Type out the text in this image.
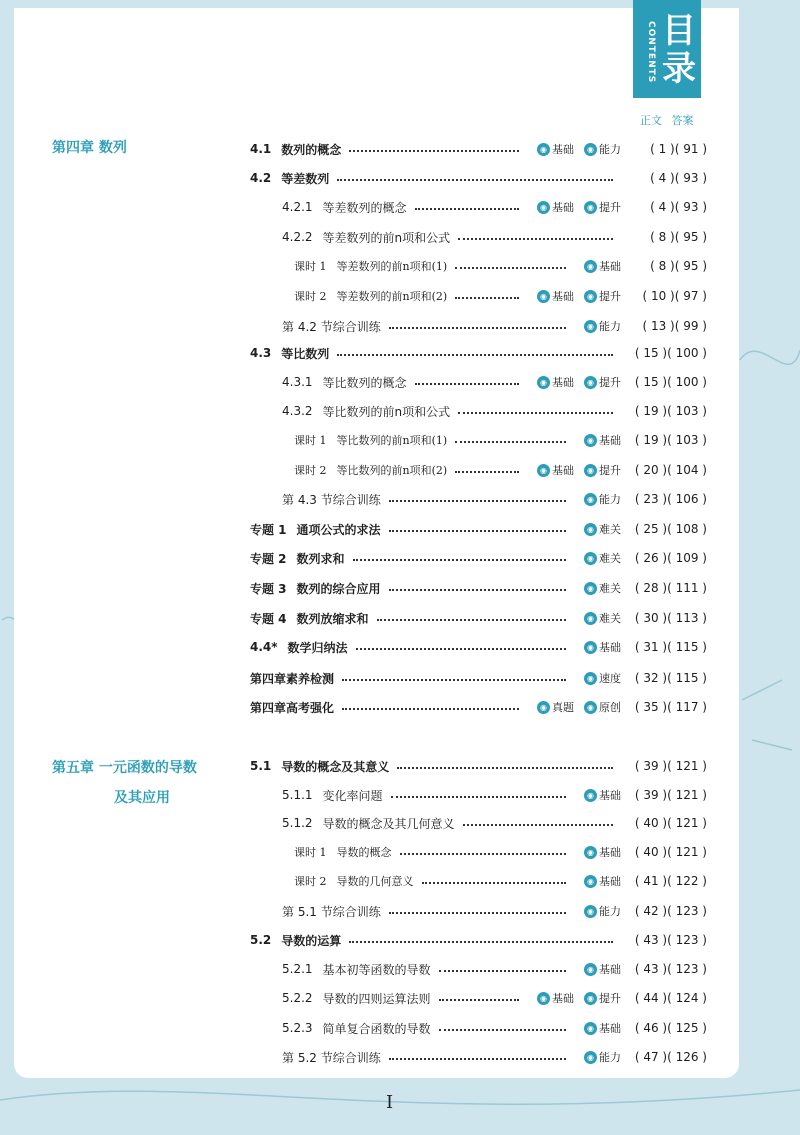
目录
CONTENTS
正文 答案
第四章 数列
第五章 一元函数的导数
及其应用
4.1 数列的概念	◉ 基础	◉ 能力	( 1 )( 91 )
4.2 等差数列	( 4 )( 93 )
4.2.1 等差数列的概念	◉ 基础	◉ 提升	( 4 )( 93 )
4.2.2 等差数列的前n项和公式	( 8 )( 95 )
课时 1 等差数列的前n项和(1)	◉ 基础	( 8 )( 95 )
课时 2 等差数列的前n项和(2)	◉ 基础	◉ 提升	( 10 )( 97 )
第 4.2 节综合训练	◉ 能力	( 13 )( 99 )
4.3 等比数列	( 15 )( 100 )
4.3.1 等比数列的概念	◉ 基础	◉ 提升	( 15 )( 100 )
4.3.2 等比数列的前n项和公式	( 19 )( 103 )
课时 1 等比数列的前n项和(1)	◉ 基础	( 19 )( 103 )
课时 2 等比数列的前n项和(2)	◉ 基础	◉ 提升	( 20 )( 104 )
第 4.3 节综合训练	◉ 能力	( 23 )( 106 )
专题 1 通项公式的求法	◉ 难关	( 25 )( 108 )
专题 2 数列求和	◉ 难关	( 26 )( 109 )
专题 3 数列的综合应用	◉ 难关	( 28 )( 111 )
专题 4 数列放缩求和	◉ 难关	( 30 )( 113 )
4.4* 数学归纳法	◉ 基础	( 31 )( 115 )
第四章素养检测	◉ 速度	( 32 )( 115 )
第四章高考强化	◉ 真题	◉ 原创	( 35 )( 117 )
5.1 导数的概念及其意义	( 39 )( 121 )
5.1.1 变化率问题	◉ 基础	( 39 )( 121 )
5.1.2 导数的概念及其几何意义	( 40 )( 121 )
课时 1 导数的概念	◉ 基础	( 40 )( 121 )
课时 2 导数的几何意义	◉ 基础	( 41 )( 122 )
第 5.1 节综合训练	◉ 能力	( 42 )( 123 )
5.2 导数的运算	( 43 )( 123 )
5.2.1 基本初等函数的导数	◉ 基础	( 43 )( 123 )
5.2.2 导数的四则运算法则	◉ 基础	◉ 提升	( 44 )( 124 )
5.2.3 简单复合函数的导数	◉ 基础	( 46 )( 125 )
第 5.2 节综合训练	◉ 能力	( 47 )( 126 )
I
